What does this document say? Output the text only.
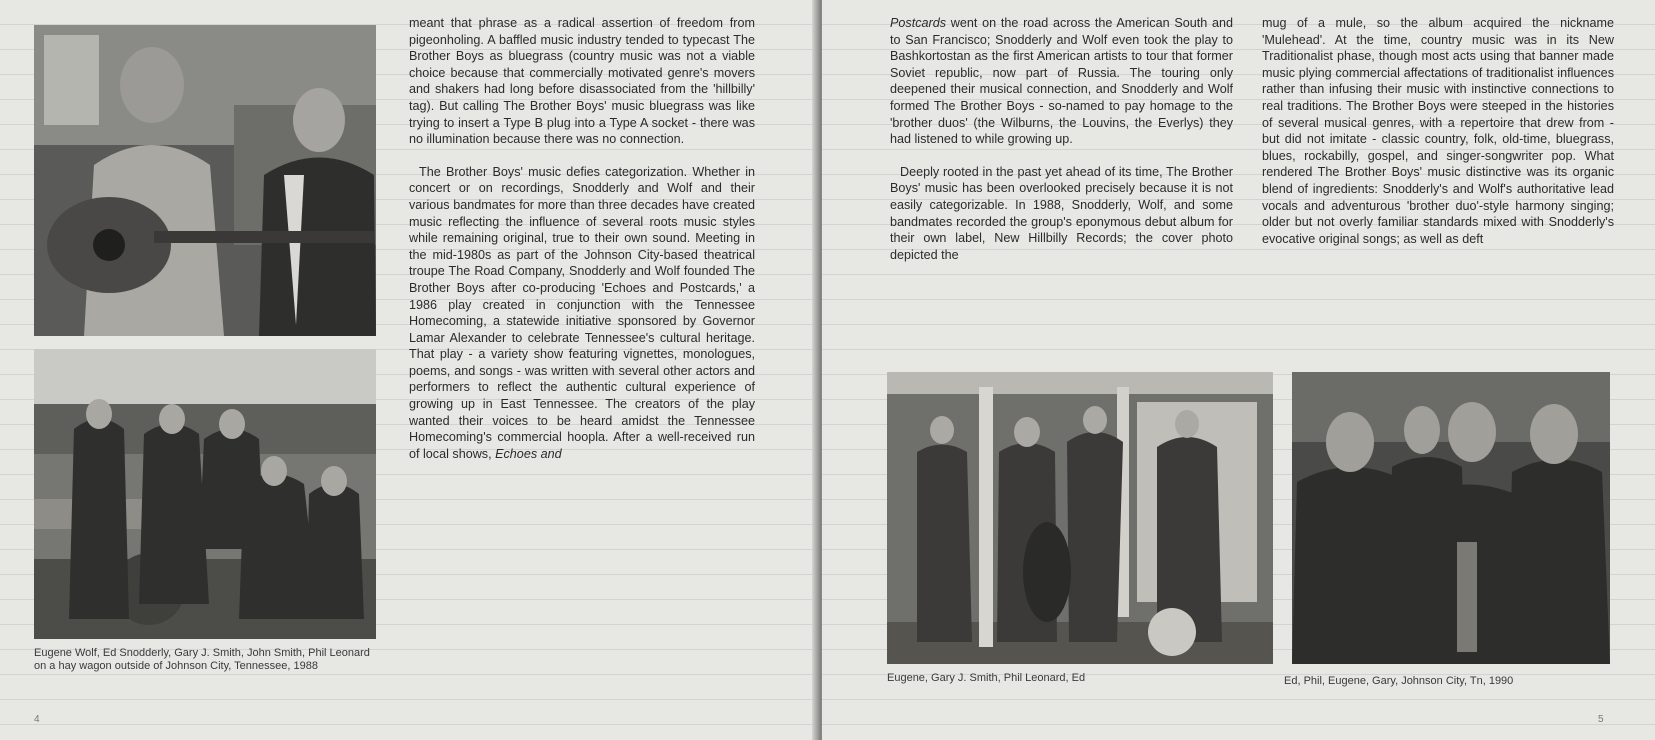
Eugene Wolf, Ed Snodderly, Gary J. Smith, John Smith, Phil Leonard on a hay wagon outside of Johnson City, Tennessee, 1988

meant that phrase as a radical assertion of freedom from pigeonholing. A baffled music industry tended to typecast The Brother Boys as bluegrass (country music was not a viable choice because that commercially motivated genre's movers and shakers had long before disassociated from the 'hillbilly' tag). But calling The Brother Boys' music bluegrass was like trying to insert a Type B plug into a Type A socket - there was no illumination because there was no connection.

The Brother Boys' music defies categorization. Whether in concert or on recordings, Snodderly and Wolf and their various bandmates for more than three decades have created music reflecting the influence of several roots music styles while remaining original, true to their own sound. Meeting in the mid-1980s as part of the Johnson City-based theatrical troupe The Road Company, Snodderly and Wolf founded The Brother Boys after co-producing 'Echoes and Postcards,' a 1986 play created in conjunction with the Tennessee Homecoming, a statewide initiative sponsored by Governor Lamar Alexander to celebrate Tennessee's cultural heritage. That play - a variety show featuring vignettes, monologues, poems, and songs - was written with several other actors and performers to reflect the authentic cultural experience of growing up in East Tennessee. The creators of the play wanted their voices to be heard amidst the Tennessee Homecoming's commercial hoopla. After a well-received run of local shows, Echoes and

4

Postcards went on the road across the American South and to San Francisco; Snodderly and Wolf even took the play to Bashkortostan as the first American artists to tour that former Soviet republic, now part of Russia. The touring only deepened their musical connection, and Snodderly and Wolf formed The Brother Boys - so-named to pay homage to the 'brother duos' (the Wilburns, the Louvins, the Everlys) they had listened to while growing up.

Deeply rooted in the past yet ahead of its time, The Brother Boys' music has been overlooked precisely because it is not easily categorizable. In 1988, Snodderly, Wolf, and some bandmates recorded the group's eponymous debut album for their own label, New Hillbilly Records; the cover photo depicted the

mug of a mule, so the album acquired the nickname 'Mulehead'. At the time, country music was in its New Traditionalist phase, though most acts using that banner made music plying commercial affectations of traditionalist influences rather than infusing their music with instinctive connections to real traditions. The Brother Boys were steeped in the histories of several musical genres, with a repertoire that drew from - but did not imitate - classic country, folk, old-time, bluegrass, blues, rockabilly, gospel, and singer-songwriter pop. What rendered The Brother Boys' music distinctive was its organic blend of ingredients: Snodderly's and Wolf's authoritative lead vocals and adventurous 'brother duo'-style harmony singing; older but not overly familiar standards mixed with Snodderly's evocative original songs; as well as deft

Eugene, Gary J. Smith, Phil Leonard, Ed	Ed, Phil, Eugene, Gary, Johnson City, Tn, 1990
5
